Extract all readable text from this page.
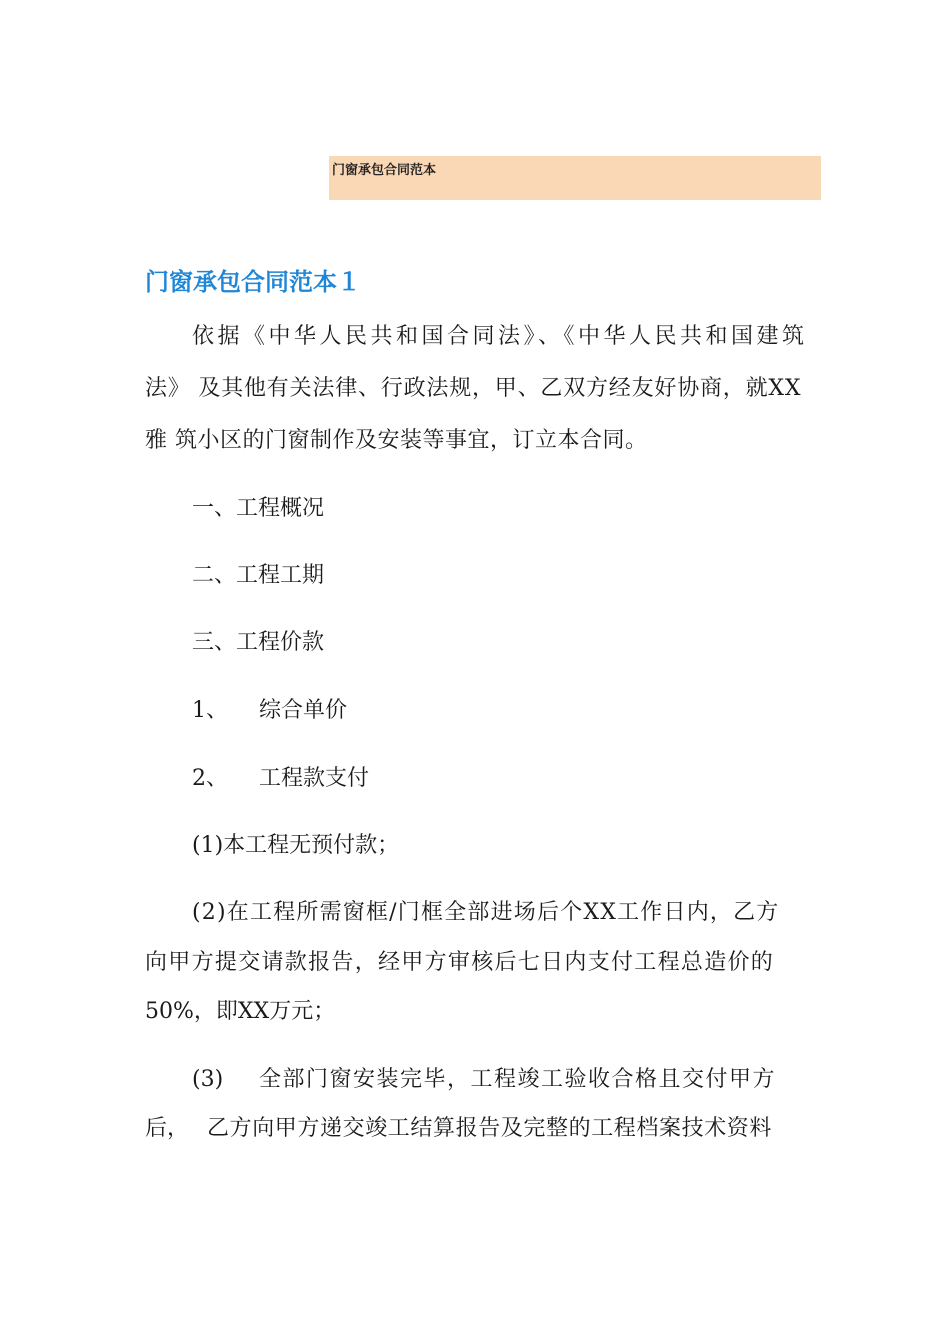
门窗承包合同范本
门窗承包合同范本１
依据《中华人民共和国合同法》、《中华人民共和国建筑
法》 及其他有关法律、行政法规，甲、乙双方经友好协商，就XX
雅 筑小区的门窗制作及安装等事宜，订立本合同。
一、工程概况
二、工程工期
三、工程价款
1、 综合单价
2、 工程款支付
(1)本工程无预付款；
(2)在工程所需窗框/门框全部进场后个XX工作日内，乙方
向甲方提交请款报告，经甲方审核后七日内支付工程总造价的
50%，即XX万元；
(3) 全部门窗安装完毕，工程竣工验收合格且交付甲方
后， 乙方向甲方递交竣工结算报告及完整的工程档案技术资料
